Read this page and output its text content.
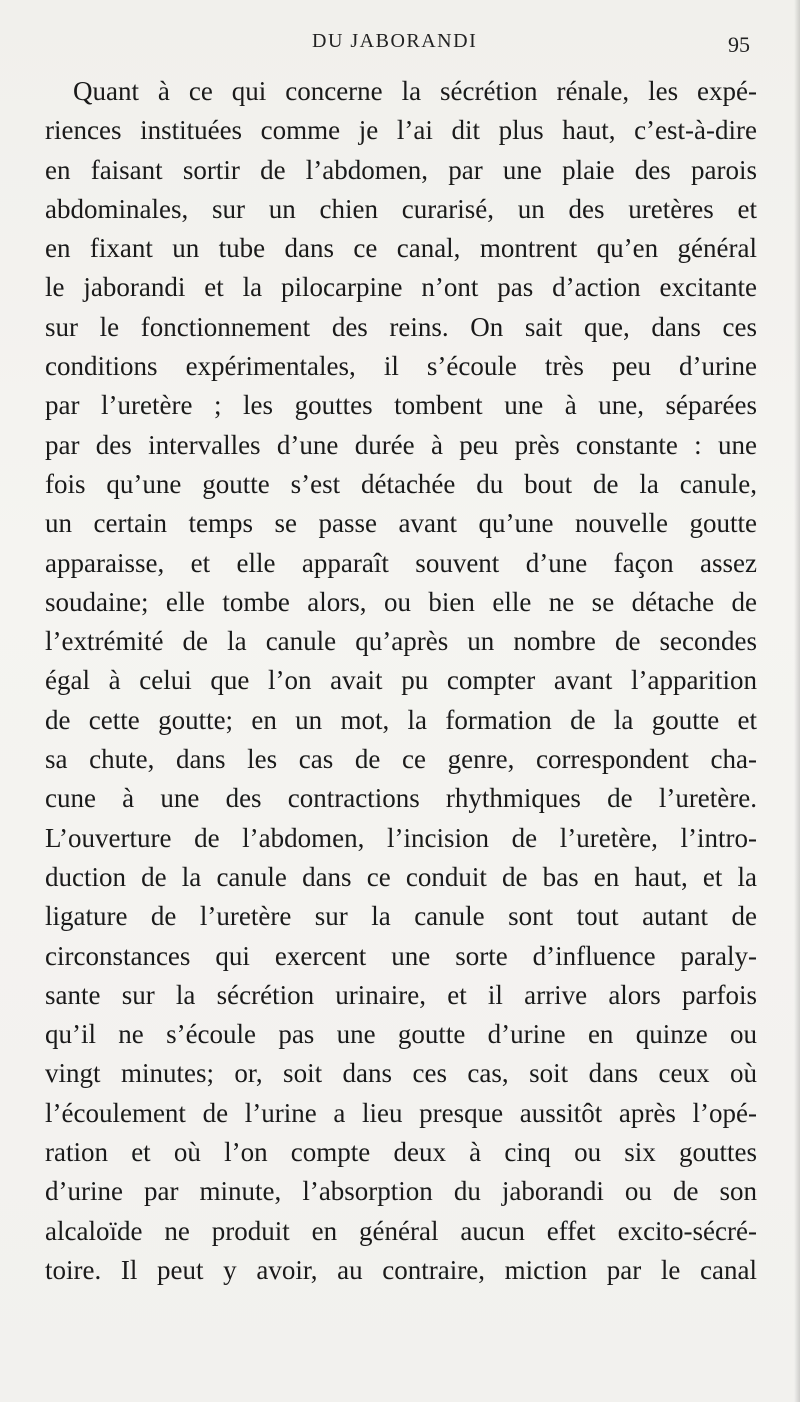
DU JABORANDI	95
Quant à ce qui concerne la sécrétion rénale, les expé-
riences instituées comme je l’ai dit plus haut, c’est-à-dire
en faisant sortir de l’abdomen, par une plaie des parois
abdominales, sur un chien curarisé, un des uretères et
en fixant un tube dans ce canal, montrent qu’en général
le jaborandi et la pilocarpine n’ont pas d’action excitante
sur le fonctionnement des reins. On sait que, dans ces
conditions expérimentales, il s’écoule très peu d’urine
par l’uretère ; les gouttes tombent une à une, séparées
par des intervalles d’une durée à peu près constante : une
fois qu’une goutte s’est détachée du bout de la canule,
un certain temps se passe avant qu’une nouvelle goutte
apparaisse, et elle apparaît souvent d’une façon assez
soudaine; elle tombe alors, ou bien elle ne se détache de
l’extrémité de la canule qu’après un nombre de secondes
égal à celui que l’on avait pu compter avant l’apparition
de cette goutte; en un mot, la formation de la goutte et
sa chute, dans les cas de ce genre, correspondent cha-
cune à une des contractions rhythmiques de l’uretère.
L’ouverture de l’abdomen, l’incision de l’uretère, l’intro-
duction de la canule dans ce conduit de bas en haut, et la
ligature de l’uretère sur la canule sont tout autant de
circonstances qui exercent une sorte d’influence paraly-
sante sur la sécrétion urinaire, et il arrive alors parfois
qu’il ne s’écoule pas une goutte d’urine en quinze ou
vingt minutes; or, soit dans ces cas, soit dans ceux où
l’écoulement de l’urine a lieu presque aussitôt après l’opé-
ration et où l’on compte deux à cinq ou six gouttes
d’urine par minute, l’absorption du jaborandi ou de son
alcaloïde ne produit en général aucun effet excito-sécré-
toire. Il peut y avoir, au contraire, miction par le canal
